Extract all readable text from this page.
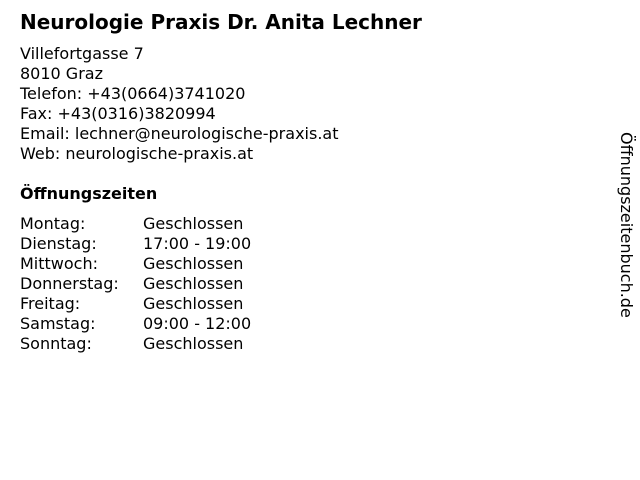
Neurologie Praxis Dr. Anita Lechner
Villefortgasse 7
8010 Graz
Telefon: +43(0664)3741020
Fax: +43(0316)3820994
Email: lechner@neurologische-praxis.at
Web: neurologische-praxis.at
Öffnungszeiten
Montag:	Geschlossen
Dienstag:	17:00 - 19:00
Mittwoch:	Geschlossen
Donnerstag: Geschlossen
Freitag:	Geschlossen
Samstag:	09:00 - 12:00
Sonntag:	Geschlossen
Öffnungszeitenbuch.de
